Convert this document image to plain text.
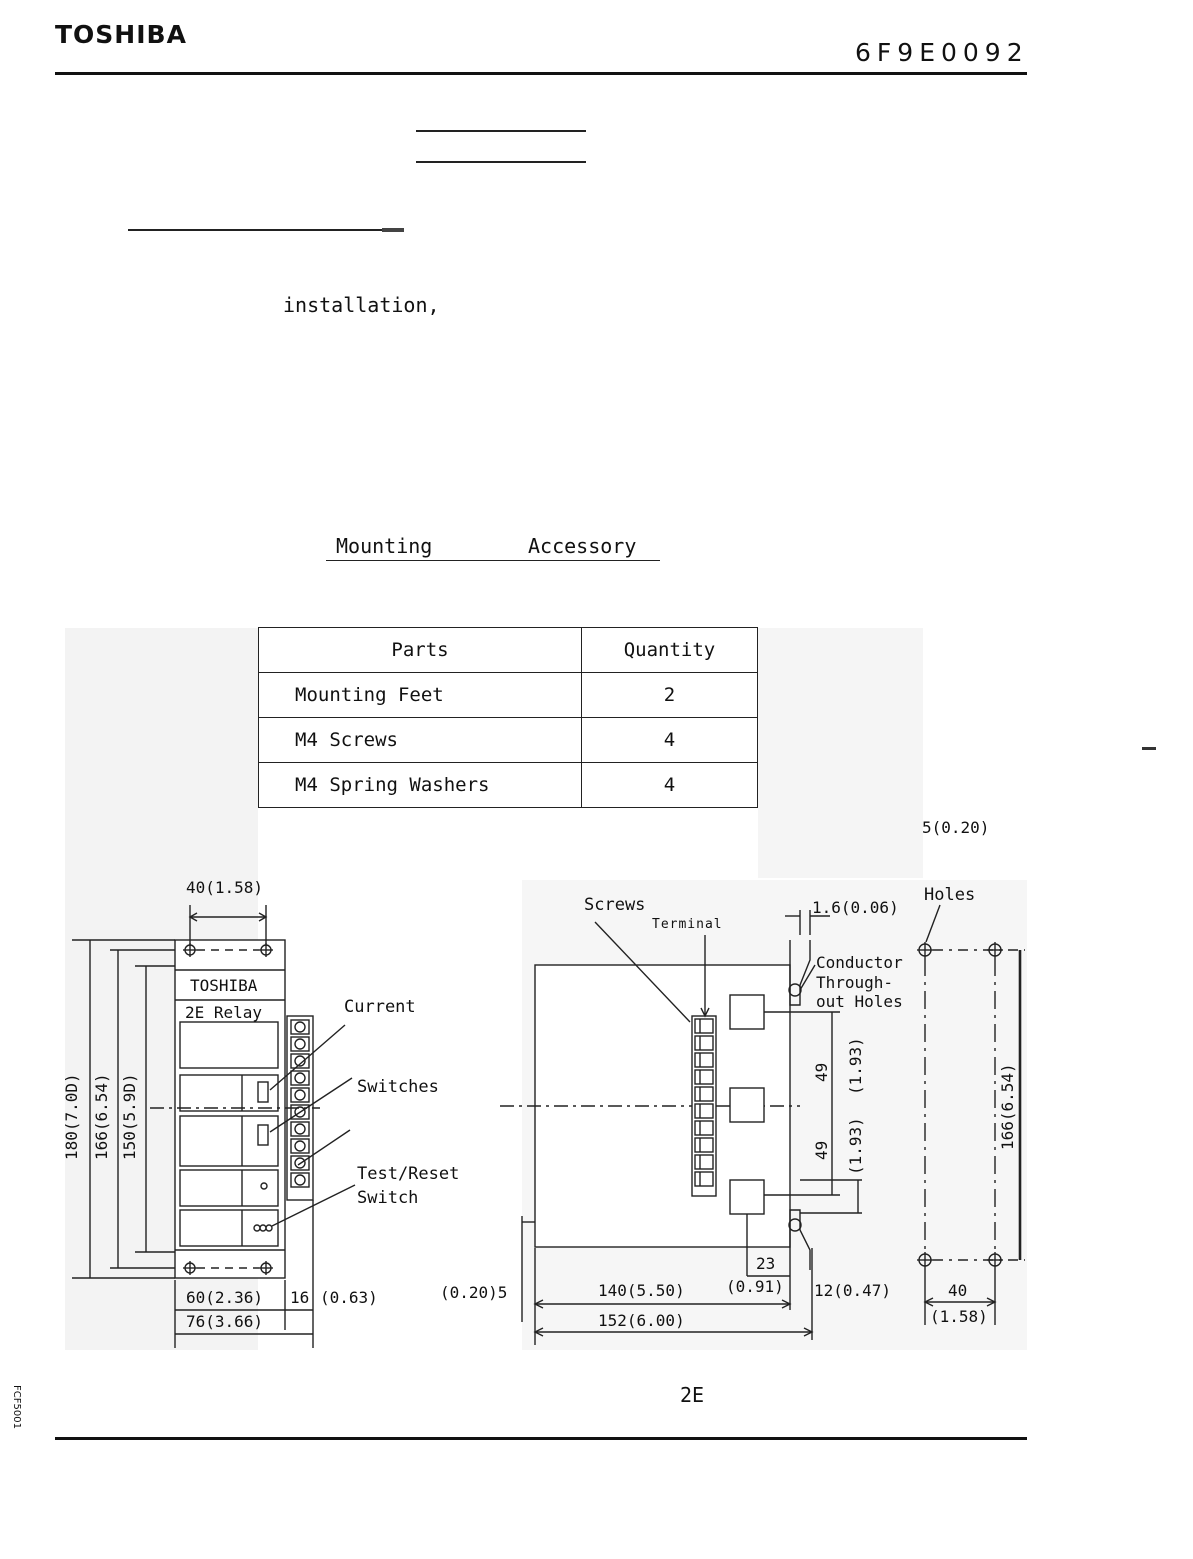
TOSHIBA
6F9E0092
installation,
Mounting	Accessory
Parts	Quantity
Mounting Feet	2
M4 Screws	4
M4 Spring Washers	4
40(1.58)
180(7.0D) 166(6.54) 150(5.9D)
TOSHIBA
2E Relay
60(2.36) 16 (0.63)
76(3.66)
Current
Switches
Test/Reset
Switch
Screws
Terminal
1.6(0.06)
Conductor
Through-
out Holes
49 (1.93)
49 (1.93)
23
(0.91)
(0.20)5	140(5.50)	12(0.47)
152(6.00)
5(0.20)
Holes
166(6.54)
40
(1.58)
2E
FCF5001
